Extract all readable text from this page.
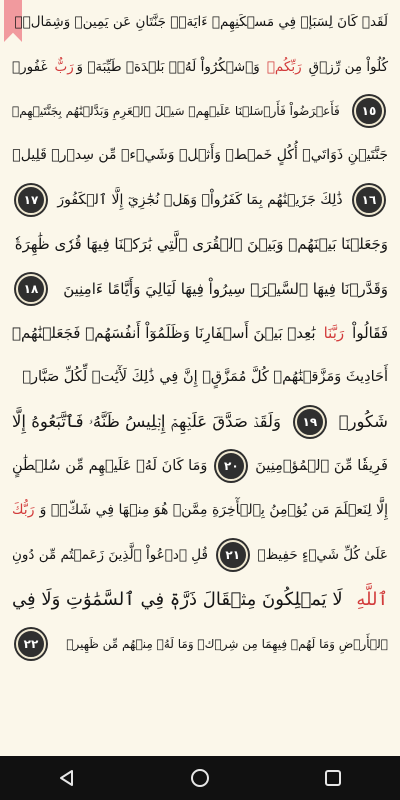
لَقَدۡ كَانَ لِسَبَإٖ فِي مَسۡكَنِهِمۡ ءَايَةٞۖ جَنَّتَانِ عَن يَمِينٖ وَشِمَالٖۖ
كُلُواْ مِن رِّزۡقِ
رَبِّكُمۡ
وَٱشۡكُرُواْ لَهُۥۚ بَلۡدَةٞ طَيِّبَةٞ وَ
رَبٌّ
غَفُورٞ
١٥
فَأَعۡرَضُواْ فَأَرۡسَلۡنَا عَلَيۡهِمۡ سَيۡلَ ٱلۡعَرِمِ وَبَدَّلۡنَٰهُم بِجَنَّتَيۡهِمۡ
جَنَّتَيۡنِ ذَوَاتَيۡ أُكُلٍ خَمۡطٖ وَأَثۡلٖ وَشَيۡءٖ مِّن سِدۡرٖ قَلِيلٖ
١٦
ذَٰلِكَ جَزَيۡنَٰهُم بِمَا كَفَرُواْۖ وَهَلۡ نُجَٰزِيٓ إِلَّا ٱلۡكَفُورَ
١٧
وَجَعَلۡنَا بَيۡنَهُمۡ وَبَيۡنَ ٱلۡقُرَى ٱلَّتِي بَٰرَكۡنَا فِيهَا قُرٗى ظَٰهِرَةٗ
وَقَدَّرۡنَا فِيهَا ٱلسَّيۡرَۖ سِيرُواْ فِيهَا لَيَالِيَ وَأَيَّامًا ءَامِنِينَ
١٨
فَقَالُواْ
رَبَّنَا
بَٰعِدۡ بَيۡنَ أَسۡفَارِنَا وَظَلَمُوٓاْ أَنفُسَهُمۡ فَجَعَلۡنَٰهُمۡ
أَحَادِيثَ وَمَزَّقۡنَٰهُمۡ كُلَّ مُمَزَّقٍۚ إِنَّ فِي ذَٰلِكَ لَأٓيَٰتٖ لِّكُلِّ صَبَّارٖ
شَكُورٖ
١٩
وَلَقَدۡ صَدَّقَ عَلَيۡهِمۡ إِبۡلِيسُ ظَنَّهُۥ فَٱتَّبَعُوهُ إِلَّا
فَرِيقٗا مِّنَ ٱلۡمُؤۡمِنِينَ
٢٠
وَمَا كَانَ لَهُۥ عَلَيۡهِم مِّن سُلۡطَٰنٍ
إِلَّا لِنَعۡلَمَ مَن يُؤۡمِنُ بِٱلۡأٓخِرَةِ مِمَّنۡ هُوَ مِنۡهَا فِي شَكّٖۗ وَ
رَبُّكَ
عَلَىٰ كُلِّ شَيۡءٍ حَفِيظٞ
٢١
قُلِ ٱدۡعُواْ ٱلَّذِينَ زَعَمۡتُم مِّن دُونِ
ٱللَّهِ
لَا يَمۡلِكُونَ مِثۡقَالَ ذَرَّةٖ فِي ٱلسَّمَٰوَٰتِ وَلَا فِي
ٱلۡأَرۡضِ وَمَا لَهُمۡ فِيهِمَا مِن شِرۡكٖ وَمَا لَهُۥ مِنۡهُم مِّن ظَهِيرٖ
٢٢
